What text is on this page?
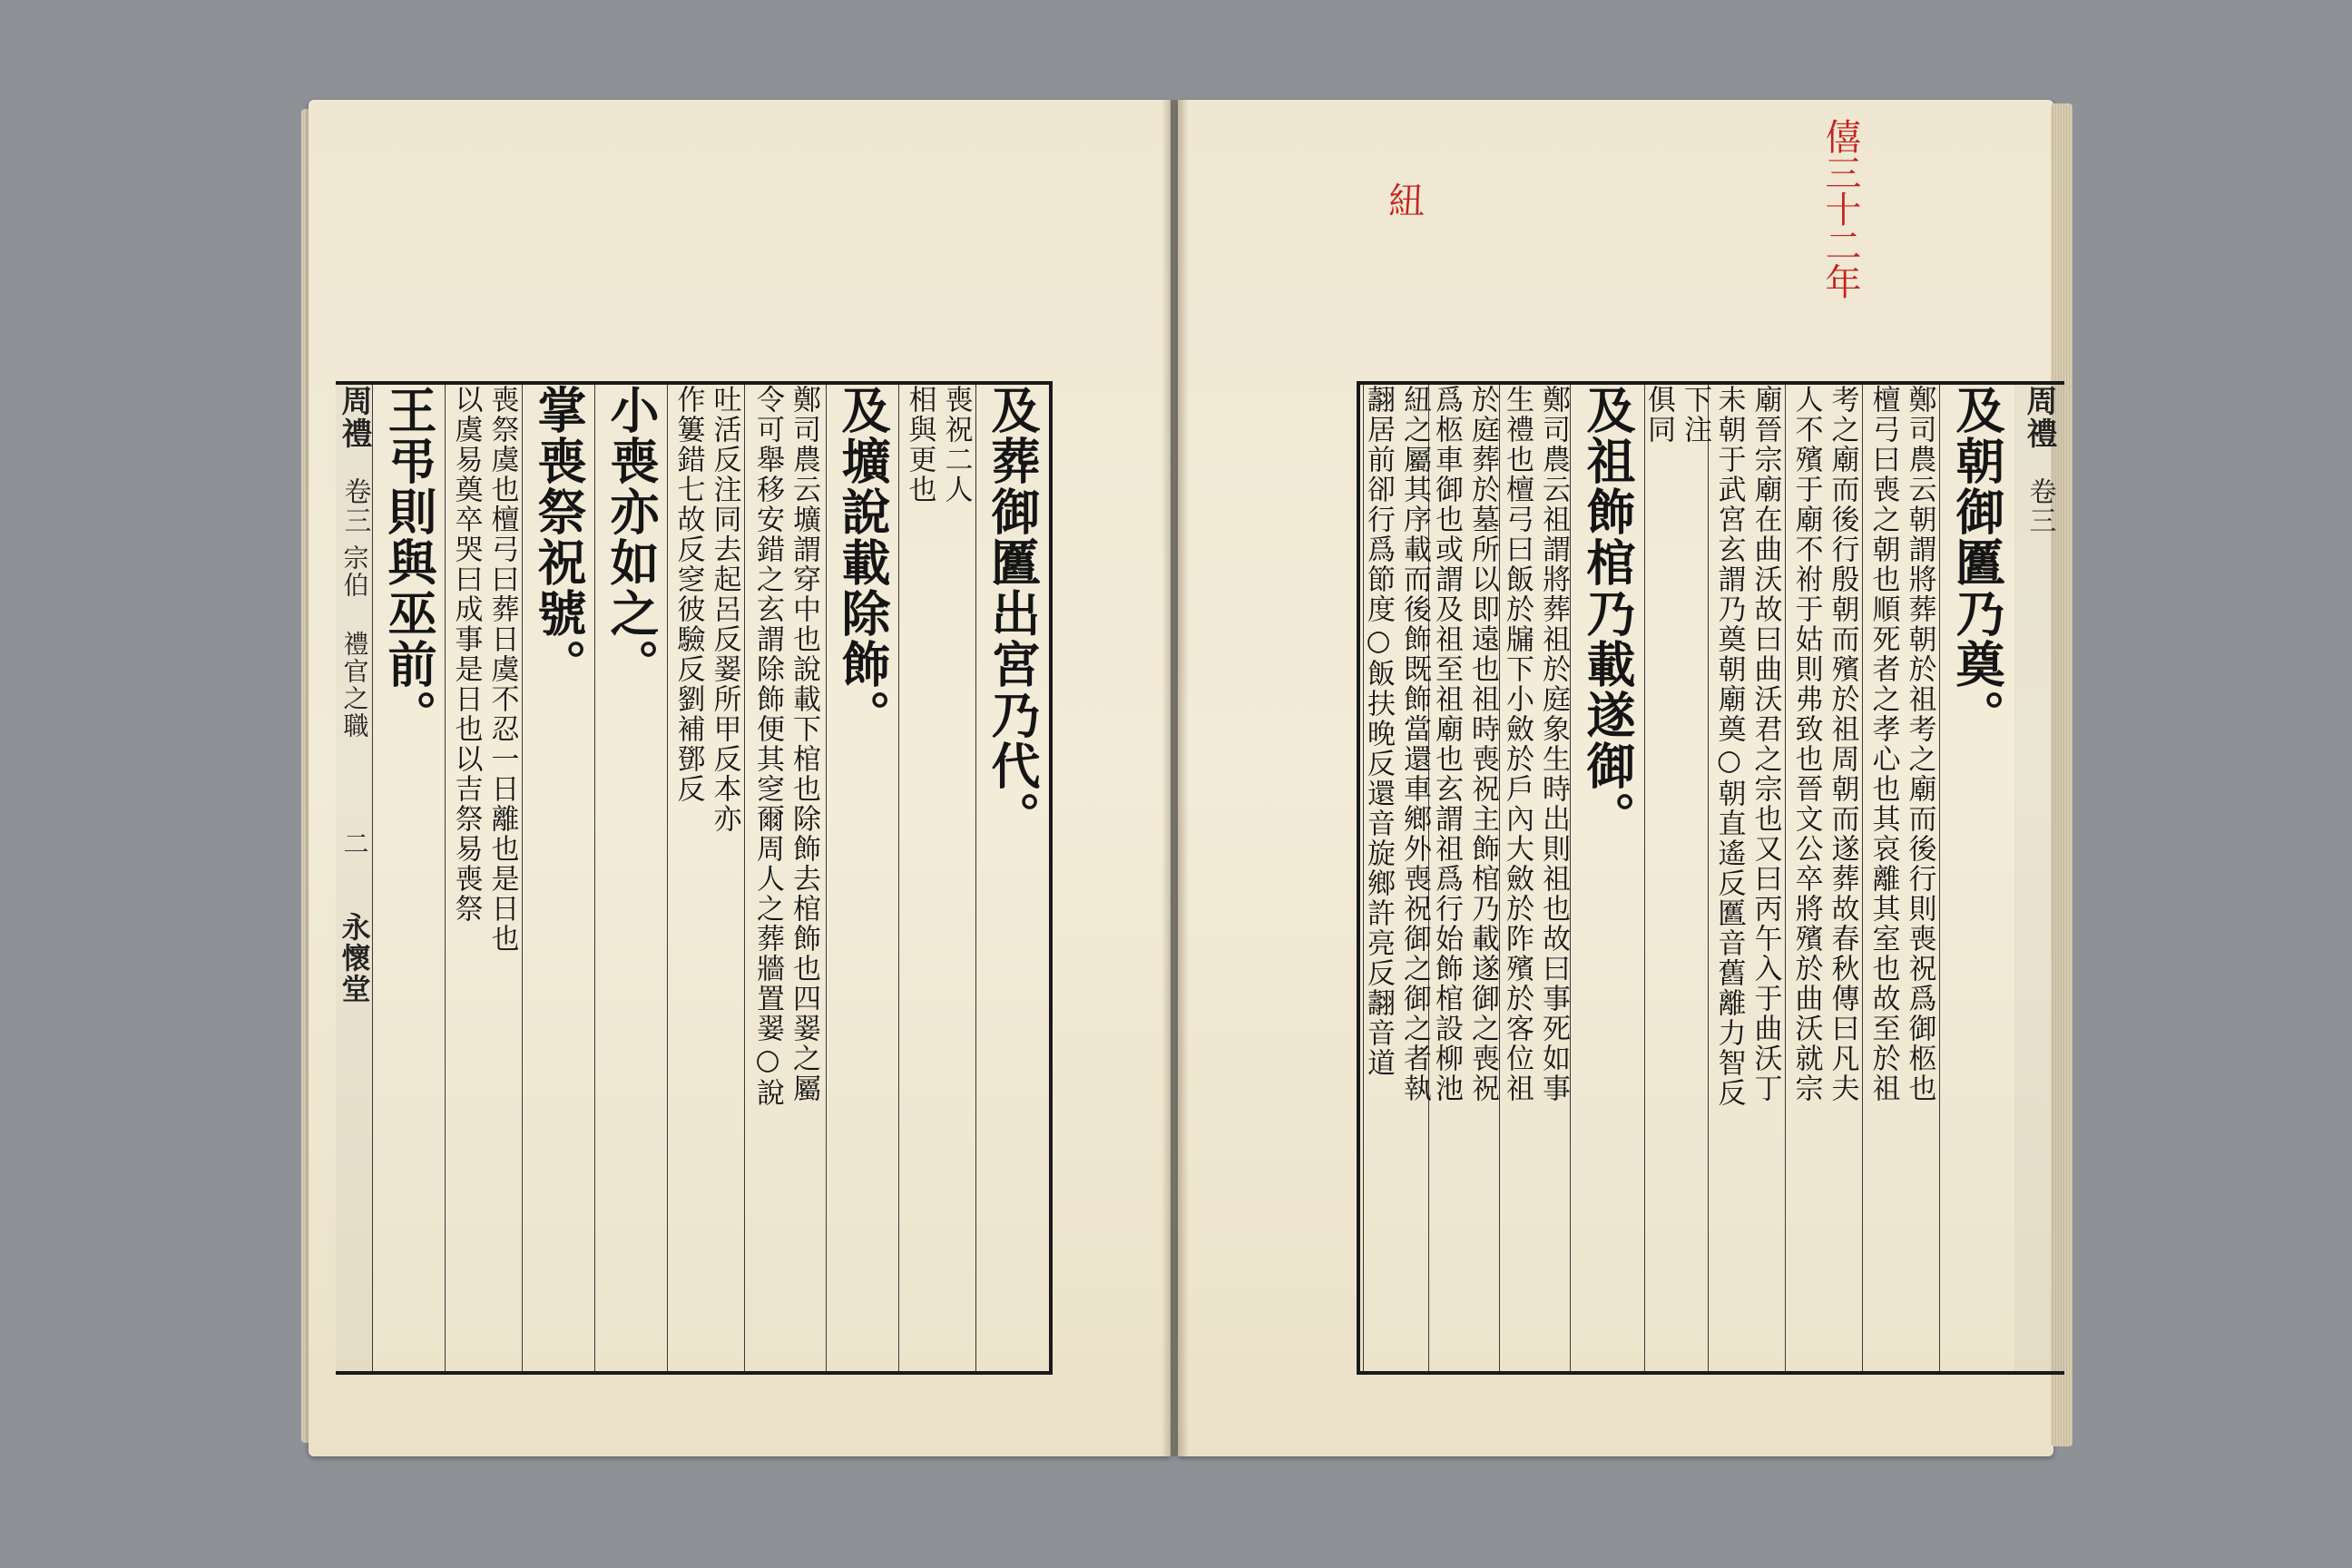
僖三十二年
紐
及葬御匶出宮乃代。
喪祝二人
相與更也
及壙說載除飾。
鄭司農云壙謂穿中也說載下棺也除飾去棺飾也四翣之屬
令可舉移安錯之玄謂除飾便其窆爾周人之葬牆置翣○說
吐活反注同去起呂反翣所甲反本亦
作簍錯七故反窆彼驗反劉補鄧反
小喪亦如之。
掌喪祭祝號。
喪祭虞也檀弓曰葬日虞不忍一日離也是日也
以虞易奠卒哭曰成事是日也以吉祭易喪祭
王弔則與巫前。
周禮
卷三
宗伯 禮官之職
二
永懷堂
周禮
卷三
及朝御匶乃奠。
鄭司農云朝謂將葬朝於祖考之廟而後行則喪祝爲御柩也
檀弓曰喪之朝也順死者之孝心也其哀離其室也故至於祖
考之廟而後行殷朝而殯於祖周朝而遂葬故春秋傳曰凡夫
人不殯于廟不祔于姑則弗致也晉文公卒將殯於曲沃就宗
廟晉宗廟在曲沃故曰曲沃君之宗也又曰丙午入于曲沃丁
未朝于武宮玄謂乃奠朝廟奠○朝直遙反匶音舊離力智反
下注
俱同
及祖飾棺乃載遂御。
鄭司農云祖謂將葬祖於庭象生時出則祖也故曰事死如事
生禮也檀弓曰飯於牖下小斂於戶內大斂於阼殯於客位祖
於庭葬於墓所以即遠也祖時喪祝主飾棺乃載遂御之喪祝
爲柩車御也或謂及祖至祖廟也玄謂祖爲行始飾棺設柳池
紐之屬其序載而後飾既飾當還車鄉外喪祝御之御之者執
翿居前卻行爲節度○飯扶晚反還音旋鄉許亮反翿音道
